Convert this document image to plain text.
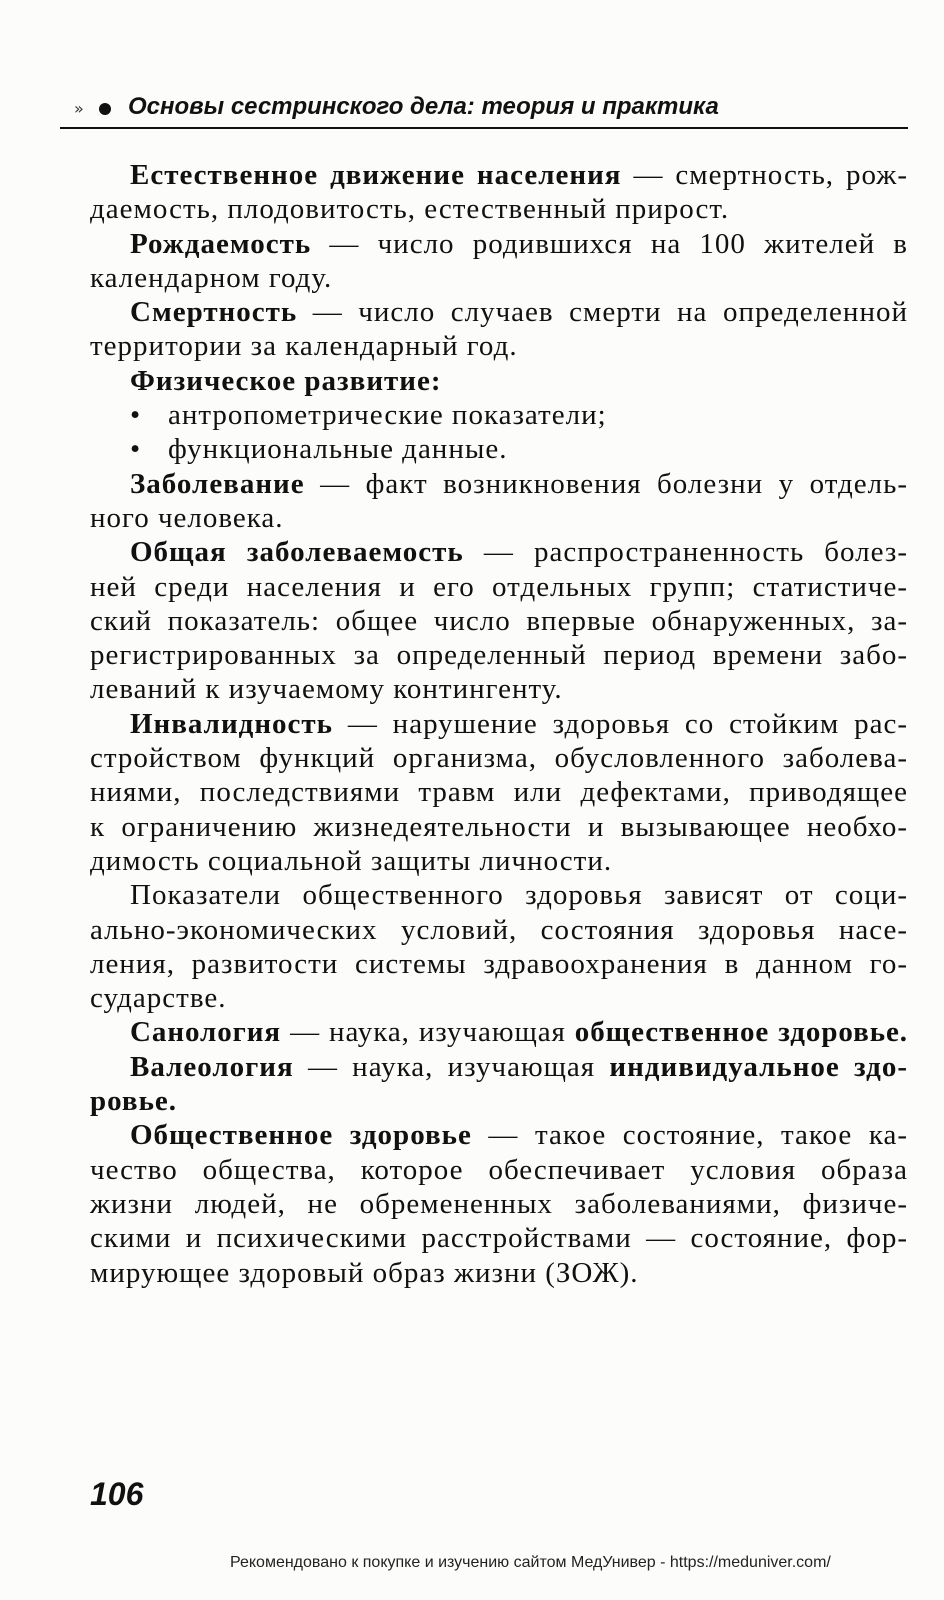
»
Основы сестринского дела: теория и практика
Естественное движение населения — смертность, рож-
даемость, плодовитость, естественный прирост.
Рождаемость — число родившихся на 100 жителей в
календарном году.
Смертность — число случаев смерти на определенной
территории за календарный год.
Физическое развитие:
• антропометрические показатели;
• функциональные данные.
Заболевание — факт возникновения болезни у отдель-
ного человека.
Общая заболеваемость — распространенность болез-
ней среди населения и его отдельных групп; статистиче-
ский показатель: общее число впервые обнаруженных, за-
регистрированных за определенный период времени забо-
леваний к изучаемому контингенту.
Инвалидность — нарушение здоровья со стойким рас-
стройством функций организма, обусловленного заболева-
ниями, последствиями травм или дефектами, приводящее
к ограничению жизнедеятельности и вызывающее необхо-
димость социальной защиты личности.
Показатели общественного здоровья зависят от соци-
ально-экономических условий, состояния здоровья насе-
ления, развитости системы здравоохранения в данном го-
сударстве.
Санология — наука, изучающая общественное здоровье.
Валеология — наука, изучающая индивидуальное здо-
ровье.
Общественное здоровье — такое состояние, такое ка-
чество общества, которое обеспечивает условия образа
жизни людей, не обремененных заболеваниями, физиче-
скими и психическими расстройствами — состояние, фор-
мирующее здоровый образ жизни (ЗОЖ).
106
Рекомендовано к покупке и изучению сайтом МедУнивер - https://meduniver.com/
